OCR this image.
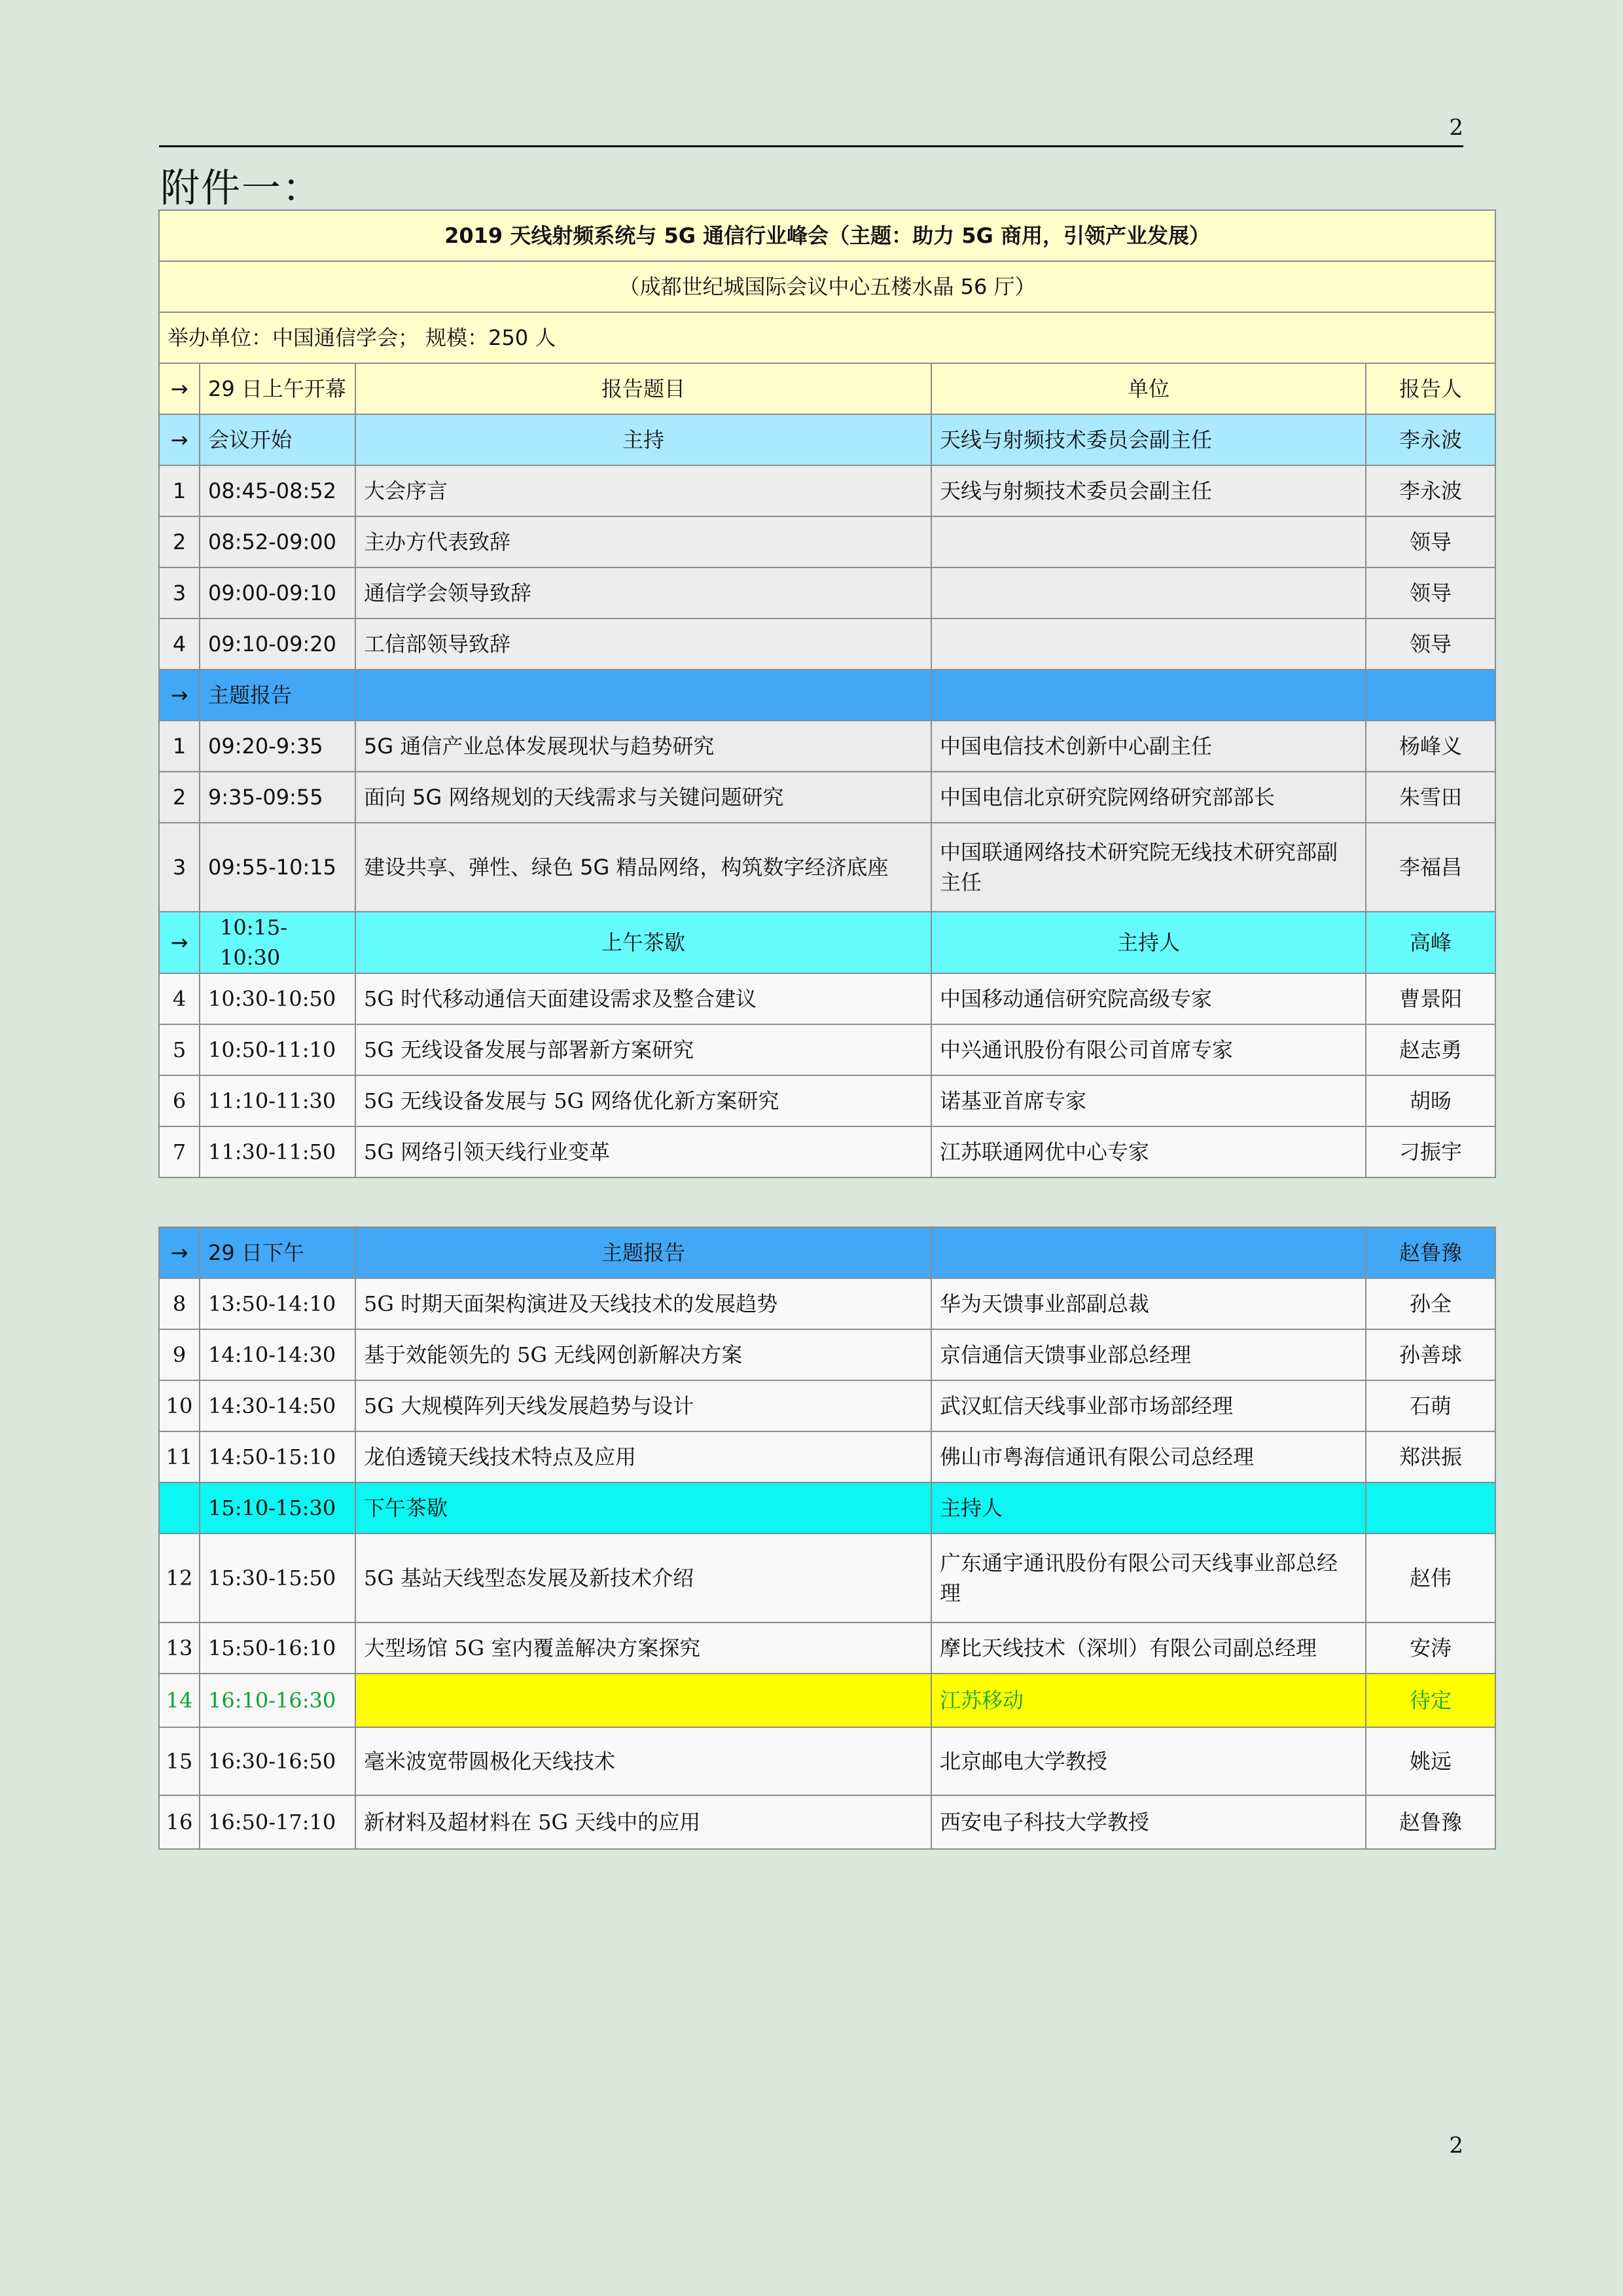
2
附件一：
2019 天线射频系统与 5G 通信行业峰会（主题：助力 5G 商用，引领产业发展）				
（成都世纪城国际会议中心五楼水晶 56 厅）				
举办单位：中国通信学会； 规模：250 人				
→	29 日上午开幕	报告题目	单位	报告人
→	会议开始	主持	天线与射频技术委员会副主任	李永波
1	08:45-08:52	大会序言	天线与射频技术委员会副主任	李永波
2	08:52-09:00	主办方代表致辞		领导
3	09:00-09:10	通信学会领导致辞		领导
4	09:10-09:20	工信部领导致辞		领导
→	主题报告			
1	09:20-9:35	5G 通信产业总体发展现状与趋势研究	中国电信技术创新中心副主任	杨峰义
2	9:35-09:55	面向 5G 网络规划的天线需求与关键问题研究	中国电信北京研究院网络研究部部长	朱雪田
3	09:55-10:15	建设共享、弹性、绿色 5G 精品网络，构筑数字经济底座	中国联通网络技术研究院无线技术研究部副主任	李福昌
→	10:15-10:30	上午茶歇	主持人	高峰
4	10:30-10:50	5G 时代移动通信天面建设需求及整合建议	中国移动通信研究院高级专家	曹景阳
5	10:50-11:10	5G 无线设备发展与部署新方案研究	中兴通讯股份有限公司首席专家	赵志勇
6	11:10-11:30	5G 无线设备发展与 5G 网络优化新方案研究	诺基亚首席专家	胡旸
7	11:30-11:50	5G 网络引领天线行业变革	江苏联通网优中心专家	刁振宇
→	29 日下午	主题报告		赵鲁豫
8	13:50-14:10	5G 时期天面架构演进及天线技术的发展趋势	华为天馈事业部副总裁	孙全
9	14:10-14:30	基于效能领先的 5G 无线网创新解决方案	京信通信天馈事业部总经理	孙善球
10	14:30-14:50	5G 大规模阵列天线发展趋势与设计	武汉虹信天线事业部市场部经理	石萌
11	14:50-15:10	龙伯透镜天线技术特点及应用	佛山市粤海信通讯有限公司总经理	郑洪振
	15:10-15:30	下午茶歇	主持人	
12	15:30-15:50	5G 基站天线型态发展及新技术介绍	广东通宇通讯股份有限公司天线事业部总经理	赵伟
13	15:50-16:10	大型场馆 5G 室内覆盖解决方案探究	摩比天线技术（深圳）有限公司副总经理	安涛
14	16:10-16:30		江苏移动	待定
15	16:30-16:50	毫米波宽带圆极化天线技术	北京邮电大学教授	姚远
16	16:50-17:10	新材料及超材料在 5G 天线中的应用	西安电子科技大学教授	赵鲁豫
2
